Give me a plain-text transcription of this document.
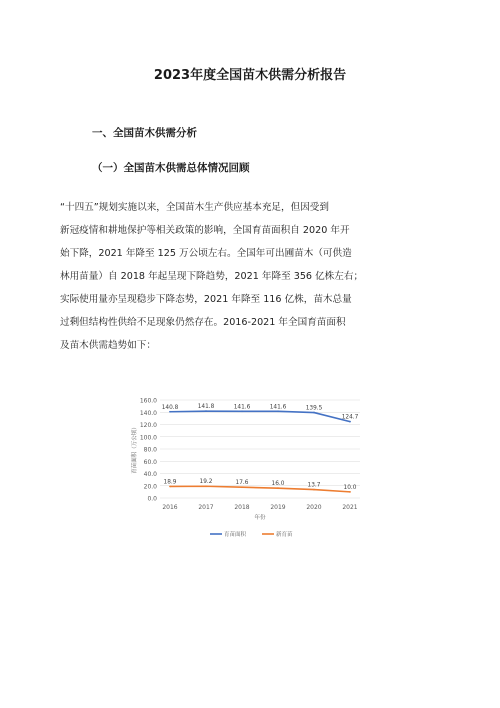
2023年度全国苗木供需分析报告
一、全国苗木供需分析
（一）全国苗木供需总体情况回顾

“十四五”规划实施以来，全国苗木生产供应基本充足，但因受到
新冠疫情和耕地保护等相关政策的影响，全国育苗面积自 2020 年开
始下降，2021 年降至 125 万公顷左右。全国年可出圃苗木（可供造
林用苗量）自 2018 年起呈现下降趋势，2021 年降至 356 亿株左右；
实际使用量亦呈现稳步下降态势，2021 年降至 116 亿株，苗木总量
过剩但结构性供给不足现象仍然存在。2016-2021 年全国育苗面积
及苗木供需趋势如下：

0.0
20.0
40.0
60.0
80.0
100.0
120.0
140.0
160.0
2016	2017	2018	2019	2020	2021
年份
育苗面积（万公顷）
140.8	141.8	141.6	141.6	139.5
124.7
18.9	19.2	17.6	16.0	13.7	10.0
育苗面积	新育苗
